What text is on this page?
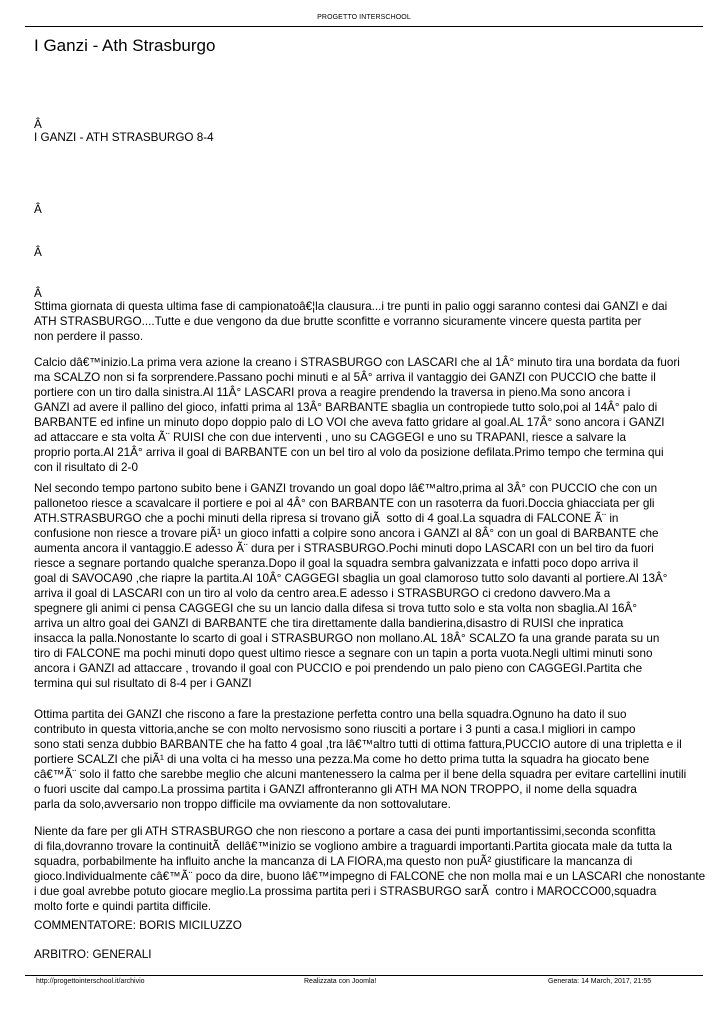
PROGETTO INTERSCHOOL
I Ganzi - Ath Strasburgo

Â

I GANZI - ATH STRASBURGO 8-4

Â

Â

Â

Sttima giornata di questa ultima fase di campionatoâ€¦la clausura...i tre punti in palio oggi saranno contesi dai GANZI e dai
ATH STRASBURGO....Tutte e due vengono da due brutte sconfitte e vorranno sicuramente vincere questa partita per
non perdere il passo.

Calcio dâ€™inizio.La prima vera azione la creano i STRASBURGO con LASCARI che al 1Â° minuto tira una bordata da fuori
ma SCALZO non si fa sorprendere.Passano pochi minuti e al 5Â° arriva il vantaggio dei GANZI con PUCCIO che batte il
portiere con un tiro dalla sinistra.Al 11Â° LASCARI prova a reagire prendendo la traversa in pieno.Ma sono ancora i
GANZI ad avere il pallino del gioco, infatti prima al 13Â° BARBANTE sbaglia un contropiede tutto solo,poi al 14Â° palo di
BARBANTE ed infine un minuto dopo doppio palo di LO VOI che aveva fatto gridare al goal.AL 17Â° sono ancora i GANZI
ad attaccare e sta volta Ã¨ RUISI che con due interventi , uno su CAGGEGI e uno su TRAPANI, riesce a salvare la
proprio porta.Al 21Â° arriva il goal di BARBANTE con un bel tiro al volo da posizione defilata.Primo tempo che termina qui
con il risultato di 2-0

Nel secondo tempo partono subito bene i GANZI trovando un goal dopo lâ€™altro,prima al 3Â° con PUCCIO che con un
pallonetoo riesce a scavalcare il portiere e poi al 4Â° con BARBANTE con un rasoterra da fuori.Doccia ghiacciata per gli
ATH.STRASBURGO che a pochi minuti della ripresa si trovano giÃ  sotto di 4 goal.La squadra di FALCONE Ã¨ in
confusione non riesce a trovare piÃ¹ un gioco infatti a colpire sono ancora i GANZI al 8Â° con un goal di BARBANTE che
aumenta ancora il vantaggio.E adesso Ã¨ dura per i STRASBURGO.Pochi minuti dopo LASCARI con un bel tiro da fuori
riesce a segnare portando qualche speranza.Dopo il goal la squadra sembra galvanizzata e infatti poco dopo arriva il
goal di SAVOCA90 ,che riapre la partita.Al 10Â° CAGGEGI sbaglia un goal clamoroso tutto solo davanti al portiere.Al 13Â°
arriva il goal di LASCARI con un tiro al volo da centro area.E adesso i STRASBURGO ci credono davvero.Ma a
spegnere gli animi ci pensa CAGGEGI che su un lancio dalla difesa si trova tutto solo e sta volta non sbaglia.Al 16Â°
arriva un altro goal dei GANZI di BARBANTE che tira direttamente dalla bandierina,disastro di RUISI che inpratica
insacca la palla.Nonostante lo scarto di goal i STRASBURGO non mollano.AL 18Â° SCALZO fa una grande parata su un
tiro di FALCONE ma pochi minuti dopo quest ultimo riesce a segnare con un tapin a porta vuota.Negli ultimi minuti sono
ancora i GANZI ad attaccare , trovando il goal con PUCCIO e poi prendendo un palo pieno con CAGGEGI.Partita che
termina qui sul risultato di 8-4 per i GANZI

Ottima partita dei GANZI che riscono a fare la prestazione perfetta contro una bella squadra.Ognuno ha dato il suo
contributo in questa vittoria,anche se con molto nervosismo sono riusciti a portare i 3 punti a casa.I migliori in campo
sono stati senza dubbio BARBANTE che ha fatto 4 goal ,tra lâ€™altro tutti di ottima fattura,PUCCIO autore di una tripletta e il
portiere SCALZI che piÃ¹ di una volta ci ha messo una pezza.Ma come ho detto prima tutta la squadra ha giocato bene
câ€™Ã¨ solo il fatto che sarebbe meglio che alcuni mantenessero la calma per il bene della squadra per evitare cartellini inutili
o fuori uscite dal campo.La prossima partita i GANZI affronteranno gli ATH MA NON TROPPO, il nome della squadra
parla da solo,avversario non troppo difficile ma ovviamente da non sottovalutare.

Niente da fare per gli ATH STRASBURGO che non riescono a portare a casa dei punti importantissimi,seconda sconfitta
di fila,dovranno trovare la continuitÃ  dellâ€™inizio se vogliono ambire a traguardi importanti.Partita giocata male da tutta la
squadra, porbabilmente ha influito anche la mancanza di LA FIORA,ma questo non puÃ² giustificare la mancanza di
gioco.Individualmente câ€™Ã¨ poco da dire, buono lâ€™impegno di FALCONE che non molla mai e un LASCARI che nonostante
i due goal avrebbe potuto giocare meglio.La prossima partita peri i STRASBURGO sarÃ  contro i MAROCCO00,squadra
molto forte e quindi partita difficile.

COMMENTATORE: BORIS MICILUZZO

ARBITRO: GENERALI

http://progettointerschool.it/archivio	Realizzata con Joomla!	Generata: 14 March, 2017, 21:55
